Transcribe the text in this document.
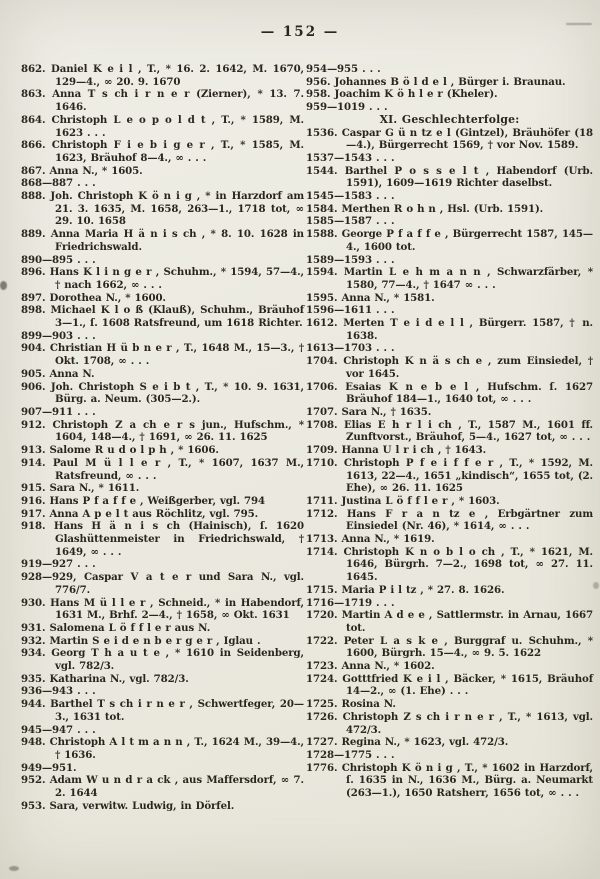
— 152 —
862. Daniel K e i l , T., * 16. 2. 1642, M. 1670, 129—4., ∞ 20. 9. 1670
863. Anna T s ch i r n e r (Zierner), * 13. 7. 1646.
864. Christoph L e o p o l d t , T., * 1589, M. 1623 . . .
866. Christoph F i e b i g e r , T., * 1585, M. 1623, Bräuhof 8—4., ∞ . . .
867. Anna N., * 1605.
868—887 . . .
888. Joh. Christoph K ö n i g , * in Harzdorf am 21. 3. 1635, M. 1658, 263—1., 1718 tot, ∞ 29. 10. 1658
889. Anna Maria H ä n i s ch , * 8. 10. 1628 in Friedrichswald.
890—895 . . .
896. Hans K l i n g e r , Schuhm., * 1594, 57—4., † nach 1662, ∞ . . .
897. Dorothea N., * 1600.
898. Michael K l o ß (Klauß), Schuhm., Bräuhof 3—1., ſ. 1608 Ratsfreund, um 1618 Richter.
899—903 . . .
904. Christian H ü b n e r , T., 1648 M., 15—3., † Okt. 1708, ∞ . . .
905. Anna N.
906. Joh. Christoph S e i b t , T., * 10. 9. 1631, Bürg. a. Neum. (305—2.).
907—911 . . .
912. Christoph Z a ch e r s jun., Hufschm., * 1604, 148—4., † 1691, ∞ 26. 11. 1625
913. Salome R u d o l p h , * 1606.
914. Paul M ü l l e r , T., * 1607, 1637 M., Ratsfreund, ∞ . . .
915. Sara N., * 1611.
916. Hans P f a f f e , Weißgerber, vgl. 794
917. Anna A p e l t aus Röchlitz, vgl. 795.
918. Hans H ä n i s ch (Hainisch), ſ. 1620 Glashüttenmeister in Friedrichswald, † 1649, ∞ . . .
919—927 . . .
928—929, Caspar V a t e r und Sara N., vgl. 776/7.
930. Hans M ü l l e r , Schneid., * in Habendorf, 1631 M., Brhf. 2—4., † 1658, ∞ Okt. 1631
931. Salomena L ö f f l e r aus N.
932. Martin S e i d e n b e r g e r , Iglau .
934. Georg T h a u t e , * 1610 in Seidenberg, vgl. 782/3.
935. Katharina N., vgl. 782/3.
936—943 . . .
944. Barthel T s ch i r n e r , Schwertfeger, 20—3., 1631 tot.
945—947 . . .
948. Christoph A l t m a n n , T., 1624 M., 39—4., † 1636.
949—951.
952. Adam W u n d r a ck , aus Maffersdorf, ∞ 7. 2. 1644
953. Sara, verwitw. Ludwig, in Dörfel.
954—955 . . .
956. Johannes B ö l d e l , Bürger i. Braunau.
958. Joachim K ö h l e r (Kheler).
959—1019 . . .
XI. Geschlechterfolge:
1536. Caspar G ü n tz e l (Gintzel), Bräuhöfer (18—4.), Bürgerrecht 1569, † vor Nov. 1589.
1537—1543 . . .
1544. Barthel P o s s e l t , Habendorf (Urb. 1591), 1609—1619 Richter daselbst.
1545—1583 . . .
1584. Merthen R o h n , Hsl. (Urb. 1591).
1585—1587 . . .
1588. George P f a f f e , Bürgerrecht 1587, 145—4., 1600 tot.
1589—1593 . . .
1594. Martin L e h m a n n , Schwarzfärber, * 1580, 77—4., † 1647 ∞ . . .
1595. Anna N., * 1581.
1596—1611 . . .
1612. Merten T e i d e l l , Bürgerr. 1587, † n. 1638.
1613—1703 . . .
1704. Christoph K n ä s ch e , zum Einsiedel, † vor 1645.
1706. Esaias K n e b e l , Hufschm. ſ. 1627 Bräuhof 184—1., 1640 tot, ∞ . . .
1707. Sara N., † 1635.
1708. Elias E h r l i ch , T., 1587 M., 1601 ff. Zunftvorst., Bräuhof, 5—4., 1627 tot, ∞ . . .
1709. Hanna U l r i ch , † 1643.
1710. Christoph P f e i f f e r , T., * 1592, M. 1613, 22—4., 1651 „kindisch“, 1655 tot, (2. Ehe), ∞ 26. 11. 1625
1711. Justina L ö f f l e r , * 1603.
1712. Hans F r a n tz e , Erbgärtner zum Einsiedel (Nr. 46), * 1614, ∞ . . .
1713. Anna N., * 1619.
1714. Christoph K n o b l o ch , T., * 1621, M. 1646, Bürgrh. 7—2., 1698 tot, ∞ 27. 11. 1645.
1715. Maria P i l tz , * 27. 8. 1626.
1716—1719 . . .
1720. Martin A d e e , Sattlermstr. in Arnau, 1667 tot.
1722. Peter L a s k e , Burggraf u. Schuhm., * 1600, Bürgrh. 15—4., ∞ 9. 5. 1622
1723. Anna N., * 1602.
1724. Gotttfried K e i l , Bäcker, * 1615, Bräuhof 14—2., ∞ (1. Ehe) . . .
1725. Rosina N.
1726. Christoph Z s ch i r n e r , T., * 1613, vgl. 472/3.
1727. Regina N., * 1623, vgl. 472/3.
1728—1775 . . .
1776. Christoph K ö n i g , T., * 1602 in Harzdorf, ſ. 1635 in N., 1636 M., Bürg. a. Neumarkt (263—1.), 1650 Ratsherr, 1656 tot, ∞ . . .
